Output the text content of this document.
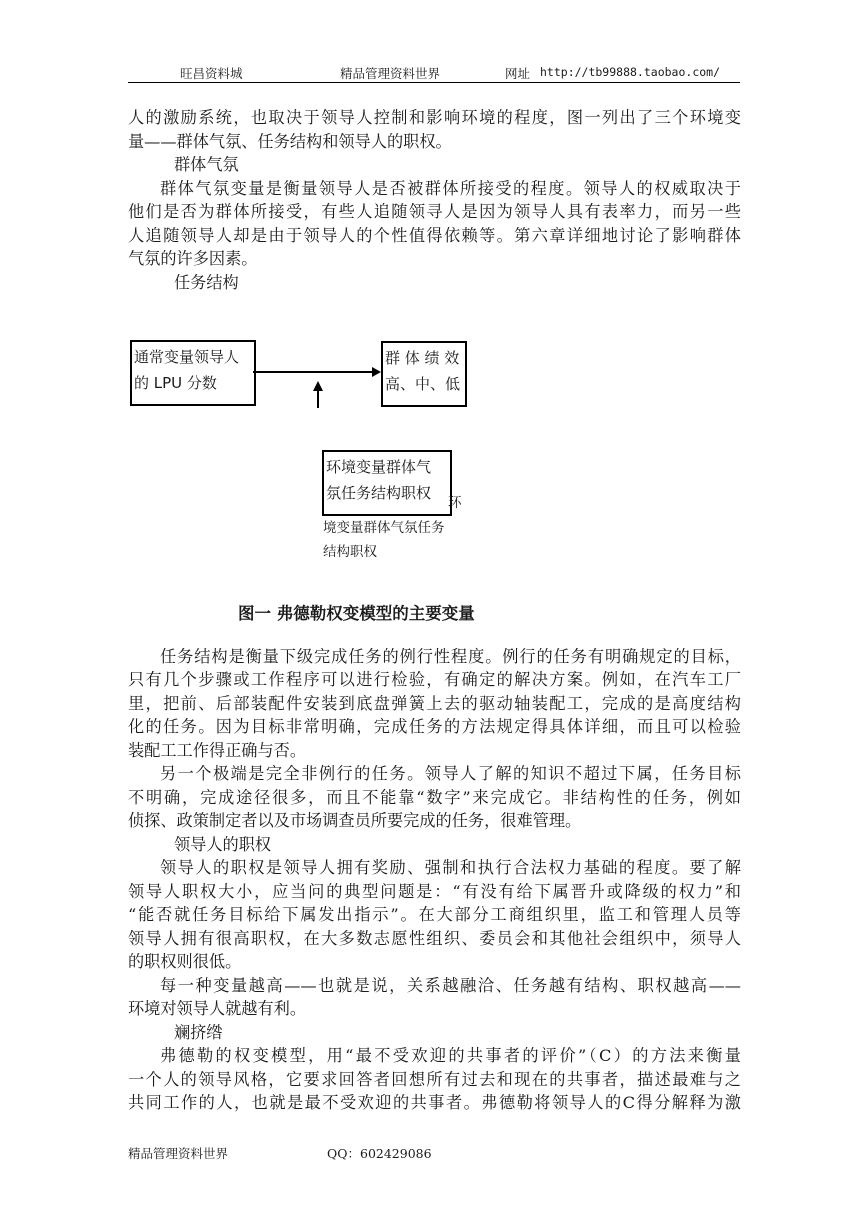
旺昌资料城	精品管理资料世界	网址 http://tb99888.taobao.com/
人的激励系统，也取决于领导人控制和影响环境的程度，图一列出了三个环境变
量——群体气氛、任务结构和领导人的职权。
群体气氛
群体气氛变量是衡量领导人是否被群体所接受的程度。领导人的权威取决于
他们是否为群体所接受，有些人追随领寻人是因为领导人具有表率力，而另一些
人追随领导人却是由于领导人的个性值得依赖等。第六章详细地讨论了影响群体
气氛的许多因素。
任务结构
通常变量领导人
的 LPU 分数
群 体 绩 效
高、中、低
环境变量群体气
氛任务结构职权
环
境变量群体气氛任务
结构职权
图一 弗德勒权变模型的主要变量
任务结构是衡量下级完成任务的例行性程度。例行的任务有明确规定的目标，
只有几个步骤或工作程序可以进行检验，有确定的解决方案。例如，在汽车工厂
里，把前、后部装配件安装到底盘弹簧上去的驱动轴装配工，完成的是高度结构
化的任务。因为目标非常明确，完成任务的方法规定得具体详细，而且可以检验
装配工工作得正确与否。
另一个极端是完全非例行的任务。领导人了解的知识不超过下属，任务目标
不明确，完成途径很多，而且不能靠“数字”来完成它。非结构性的任务，例如
侦探、政策制定者以及市场调查员所要完成的任务，很难管理。
领导人的职权
领导人的职权是领导人拥有奖励、强制和执行合法权力基础的程度。要了解
领导人职权大小，应当问的典型问题是：“有没有给下属晋升或降级的权力”和
“能否就任务目标给下属发出指示”。在大部分工商组织里，监工和管理人员等
领导人拥有很高职权，在大多数志愿性组织、委员会和其他社会组织中，须导人
的职权则很低。
每一种变量越高——也就是说，关系越融洽、任务越有结构、职权越高——
环境对领导人就越有利。
斓挤绺
弗德勒的权变模型，用“最不受欢迎的共事者的评价”（C）的方法来衡量
一个人的领导风格，它要求回答者回想所有过去和现在的共事者，描述最难与之
共同工作的人，也就是最不受欢迎的共事者。弗德勒将领导人的C得分解释为激
精品管理资料世界	QQ：602429086
